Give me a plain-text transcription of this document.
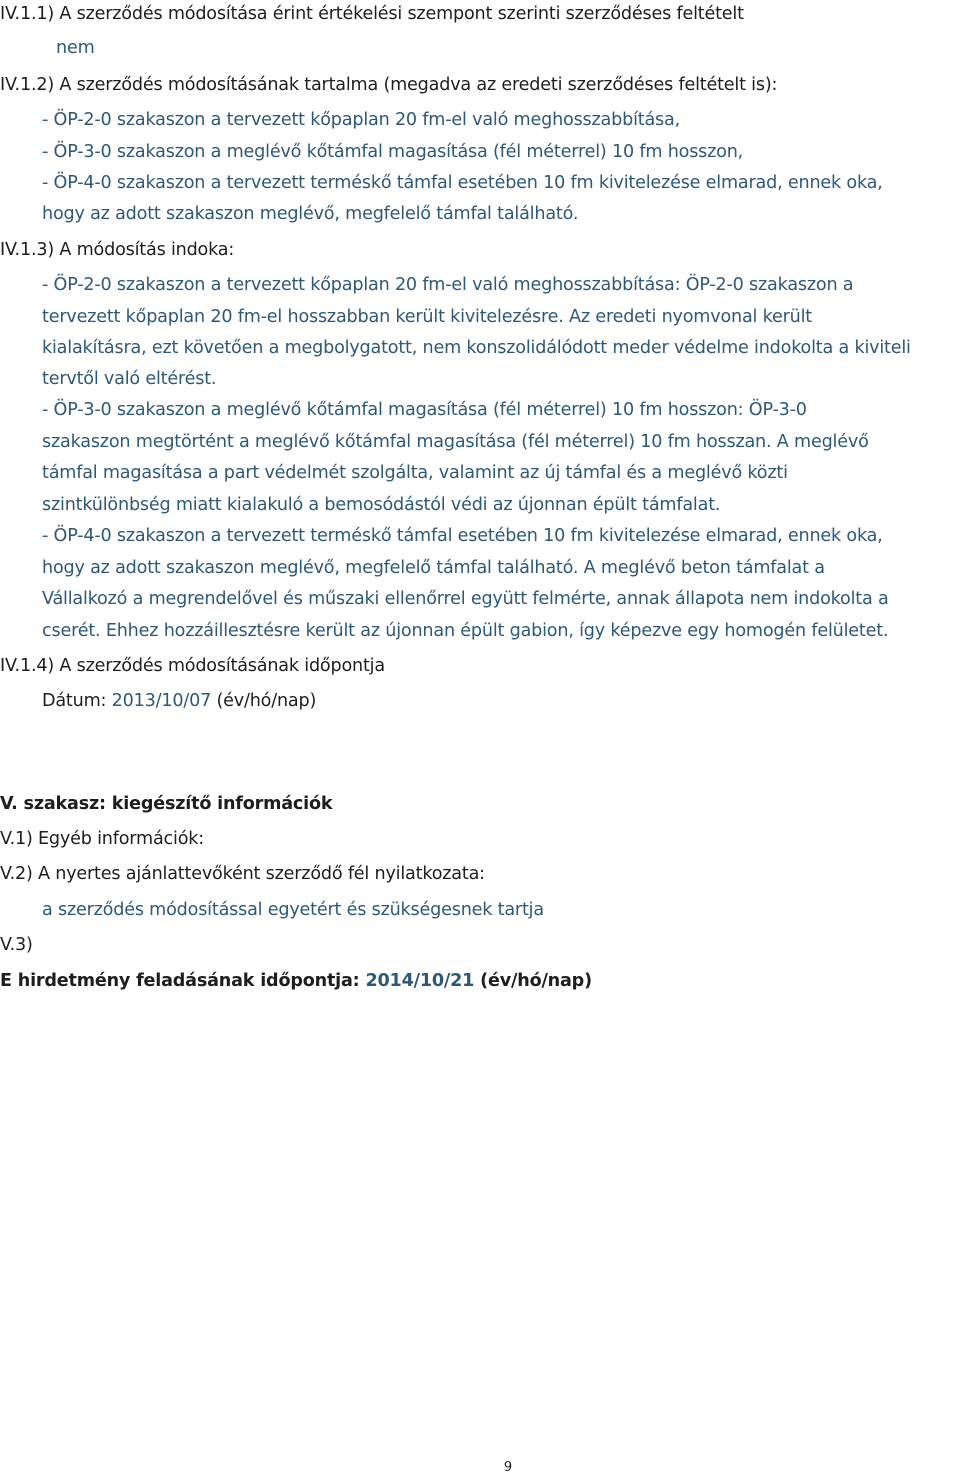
IV.1.1) A szerződés módosítása érint értékelési szempont szerinti szerződéses feltételt
nem
IV.1.2) A szerződés módosításának tartalma (megadva az eredeti szerződéses feltételt is):
- ÖP-2-0 szakaszon a tervezett kőpaplan 20 fm-el való meghosszabbítása,
- ÖP-3-0 szakaszon a meglévő kőtámfal magasítása (fél méterrel) 10 fm hosszon,
- ÖP-4-0 szakaszon a tervezett terméskő támfal esetében 10 fm kivitelezése elmarad, ennek oka,
hogy az adott szakaszon meglévő, megfelelő támfal található.
IV.1.3) A módosítás indoka:
- ÖP-2-0 szakaszon a tervezett kőpaplan 20 fm-el való meghosszabbítása: ÖP-2-0 szakaszon a
tervezett kőpaplan 20 fm-el hosszabban került kivitelezésre. Az eredeti nyomvonal került
kialakításra, ezt követően a megbolygatott, nem konszolidálódott meder védelme indokolta a kiviteli
tervtől való eltérést.
- ÖP-3-0 szakaszon a meglévő kőtámfal magasítása (fél méterrel) 10 fm hosszon: ÖP-3-0
szakaszon megtörtént a meglévő kőtámfal magasítása (fél méterrel) 10 fm hosszan. A meglévő
támfal magasítása a part védelmét szolgálta, valamint az új támfal és a meglévő közti
szintkülönbség miatt kialakuló a bemosódástól védi az újonnan épült támfalat.
- ÖP-4-0 szakaszon a tervezett terméskő támfal esetében 10 fm kivitelezése elmarad, ennek oka,
hogy az adott szakaszon meglévő, megfelelő támfal található. A meglévő beton támfalat a
Vállalkozó a megrendelővel és műszaki ellenőrrel együtt felmérte, annak állapota nem indokolta a
cserét. Ehhez hozzáillesztésre került az újonnan épült gabion, így képezve egy homogén felületet.
IV.1.4) A szerződés módosításának időpontja
Dátum: 2013/10/07 (év/hó/nap)
V. szakasz: kiegészítő információk
V.1) Egyéb információk:
V.2) A nyertes ajánlattevőként szerződő fél nyilatkozata:
a szerződés módosítással egyetért és szükségesnek tartja
V.3)
E hirdetmény feladásának időpontja: 2014/10/21 (év/hó/nap)
9
